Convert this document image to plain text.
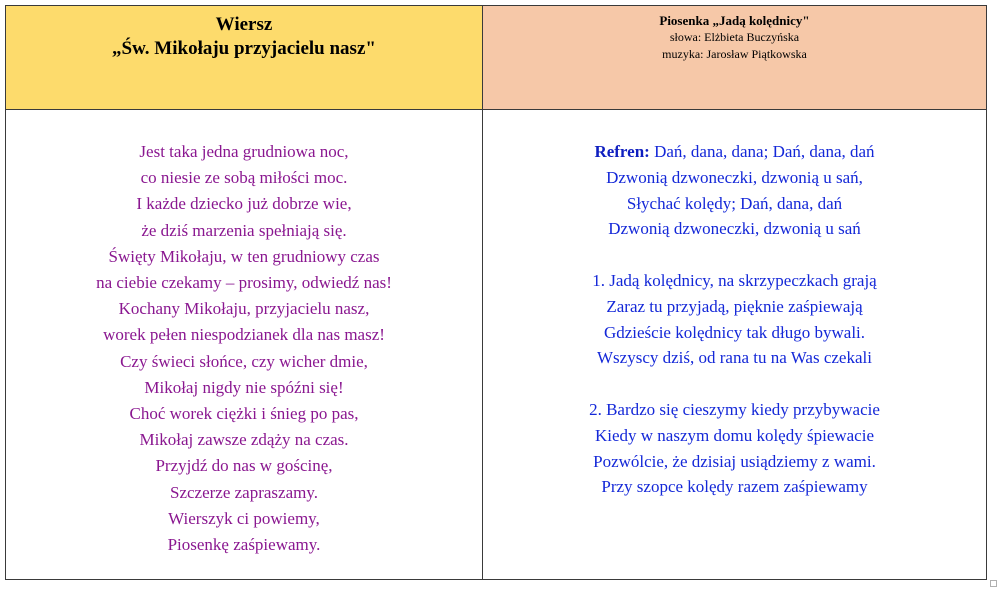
Wiersz
„Św. Mikołaju przyjacielu nasz"
Jest taka jedna grudniowa noc,
co niesie ze sobą miłości moc.
I każde dziecko już dobrze wie,
że dziś marzenia spełniają się.
Święty Mikołaju, w ten grudniowy czas
na ciebie czekamy – prosimy, odwiedź nas!
Kochany Mikołaju, przyjacielu nasz,
worek pełen niespodzianek dla nas masz!
Czy świeci słońce, czy wicher dmie,
Mikołaj nigdy nie spóźni się!
Choć worek ciężki i śnieg po pas,
Mikołaj zawsze zdąży na czas.
Przyjdź do nas w gościnę,
Szczerze zapraszamy.
Wierszyk ci powiemy,
Piosenkę zaśpiewamy.
Piosenka „Jadą kolędnicy"
słowa: Elżbieta Buczyńska
muzyka: Jarosław Piątkowska
Refren: Dań, dana, dana; Dań, dana, dań
Dzwonią dzwoneczki, dzwonią u sań,
Słychać kolędy; Dań, dana, dań
Dzwonią dzwoneczki, dzwonią u sań
1. Jadą kolędnicy, na skrzypeczkach grają
Zaraz tu przyjadą, pięknie zaśpiewają
Gdzieście kolędnicy tak długo bywali.
Wszyscy dziś, od rana tu na Was czekali
2. Bardzo się cieszymy kiedy przybywacie
Kiedy w naszym domu kolędy śpiewacie
Pozwólcie, że dzisiaj usiądziemy z wami.
Przy szopce kolędy razem zaśpiewamy
